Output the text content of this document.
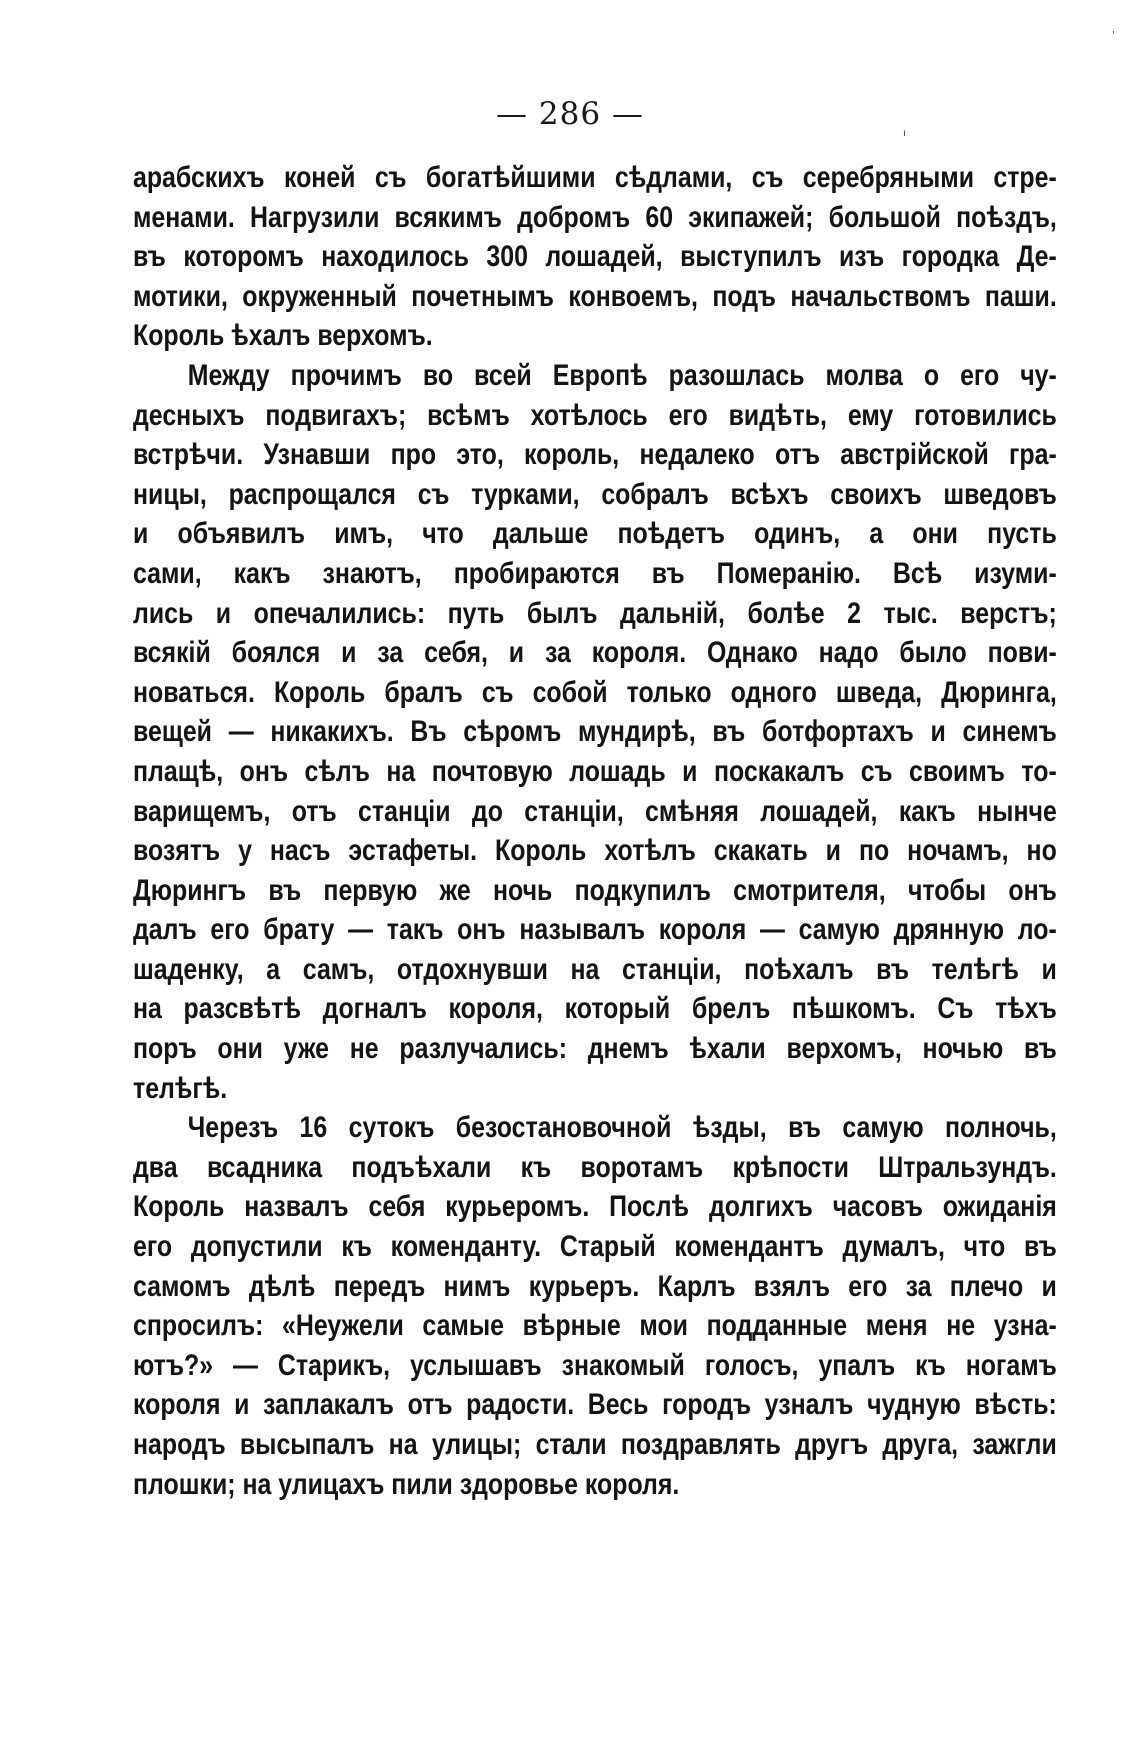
'
ı
— 286 —
арабскихъ коней съ богатѣйшими сѣдлами, съ серебряными стре-
менами. Нагрузили всякимъ добромъ 60 экипажей; большой поѣздъ,
въ которомъ находилось 300 лошадей, выступилъ изъ городка Де-
мотики, окруженный почетнымъ конвоемъ, подъ начальствомъ паши.
Король ѣхалъ верхомъ.
Между прочимъ во всей Европѣ разошлась молва о его чу-
десныхъ подвигахъ; всѣмъ хотѣлось его видѣть, ему готовились
встрѣчи. Узнавши про это, король, недалеко отъ австрійской гра-
ницы, распрощался съ турками, собралъ всѣхъ своихъ шведовъ
и объявилъ имъ, что дальше поѣдетъ одинъ, а они пусть
сами, какъ знаютъ, пробираются въ Померанію. Всѣ изуми-
лись и опечалились: путь былъ дальній, болѣе 2 тыс. верстъ;
всякій боялся и за себя, и за короля. Однако надо было пови-
новаться. Король бралъ съ собой только одного шведа, Дюринга,
вещей — никакихъ. Въ сѣромъ мундирѣ, въ ботфортахъ и синемъ
плащѣ, онъ сѣлъ на почтовую лошадь и поскакалъ съ своимъ то-
варищемъ, отъ станціи до станціи, смѣняя лошадей, какъ нынче
возятъ у насъ эстафеты. Король хотѣлъ скакать и по ночамъ, но
Дюрингъ въ первую же ночь подкупилъ смотрителя, чтобы онъ
далъ его брату — такъ онъ называлъ короля — самую дрянную ло-
шаденку, а самъ, отдохнувши на станціи, поѣхалъ въ телѣгѣ и
на разсвѣтѣ догналъ короля, который брелъ пѣшкомъ. Съ тѣхъ
поръ они уже не разлучались: днемъ ѣхали верхомъ, ночью въ
телѣгѣ.
Черезъ 16 сутокъ безостановочной ѣзды, въ самую полночь,
два всадника подъѣхали къ воротамъ крѣпости Штральзундъ.
Король назвалъ себя курьеромъ. Послѣ долгихъ часовъ ожиданія
его допустили къ коменданту. Старый комендантъ думалъ, что въ
самомъ дѣлѣ передъ нимъ курьеръ. Карлъ взялъ его за плечо и
спросилъ: «Неужели самые вѣрные мои подданные меня не узна-
ютъ?» — Старикъ, услышавъ знакомый голосъ, упалъ къ ногамъ
короля и заплакалъ отъ радости. Весь городъ узналъ чудную вѣсть:
народъ высыпалъ на улицы; стали поздравлять другъ друга, зажгли
плошки; на улицахъ пили здоровье короля.
